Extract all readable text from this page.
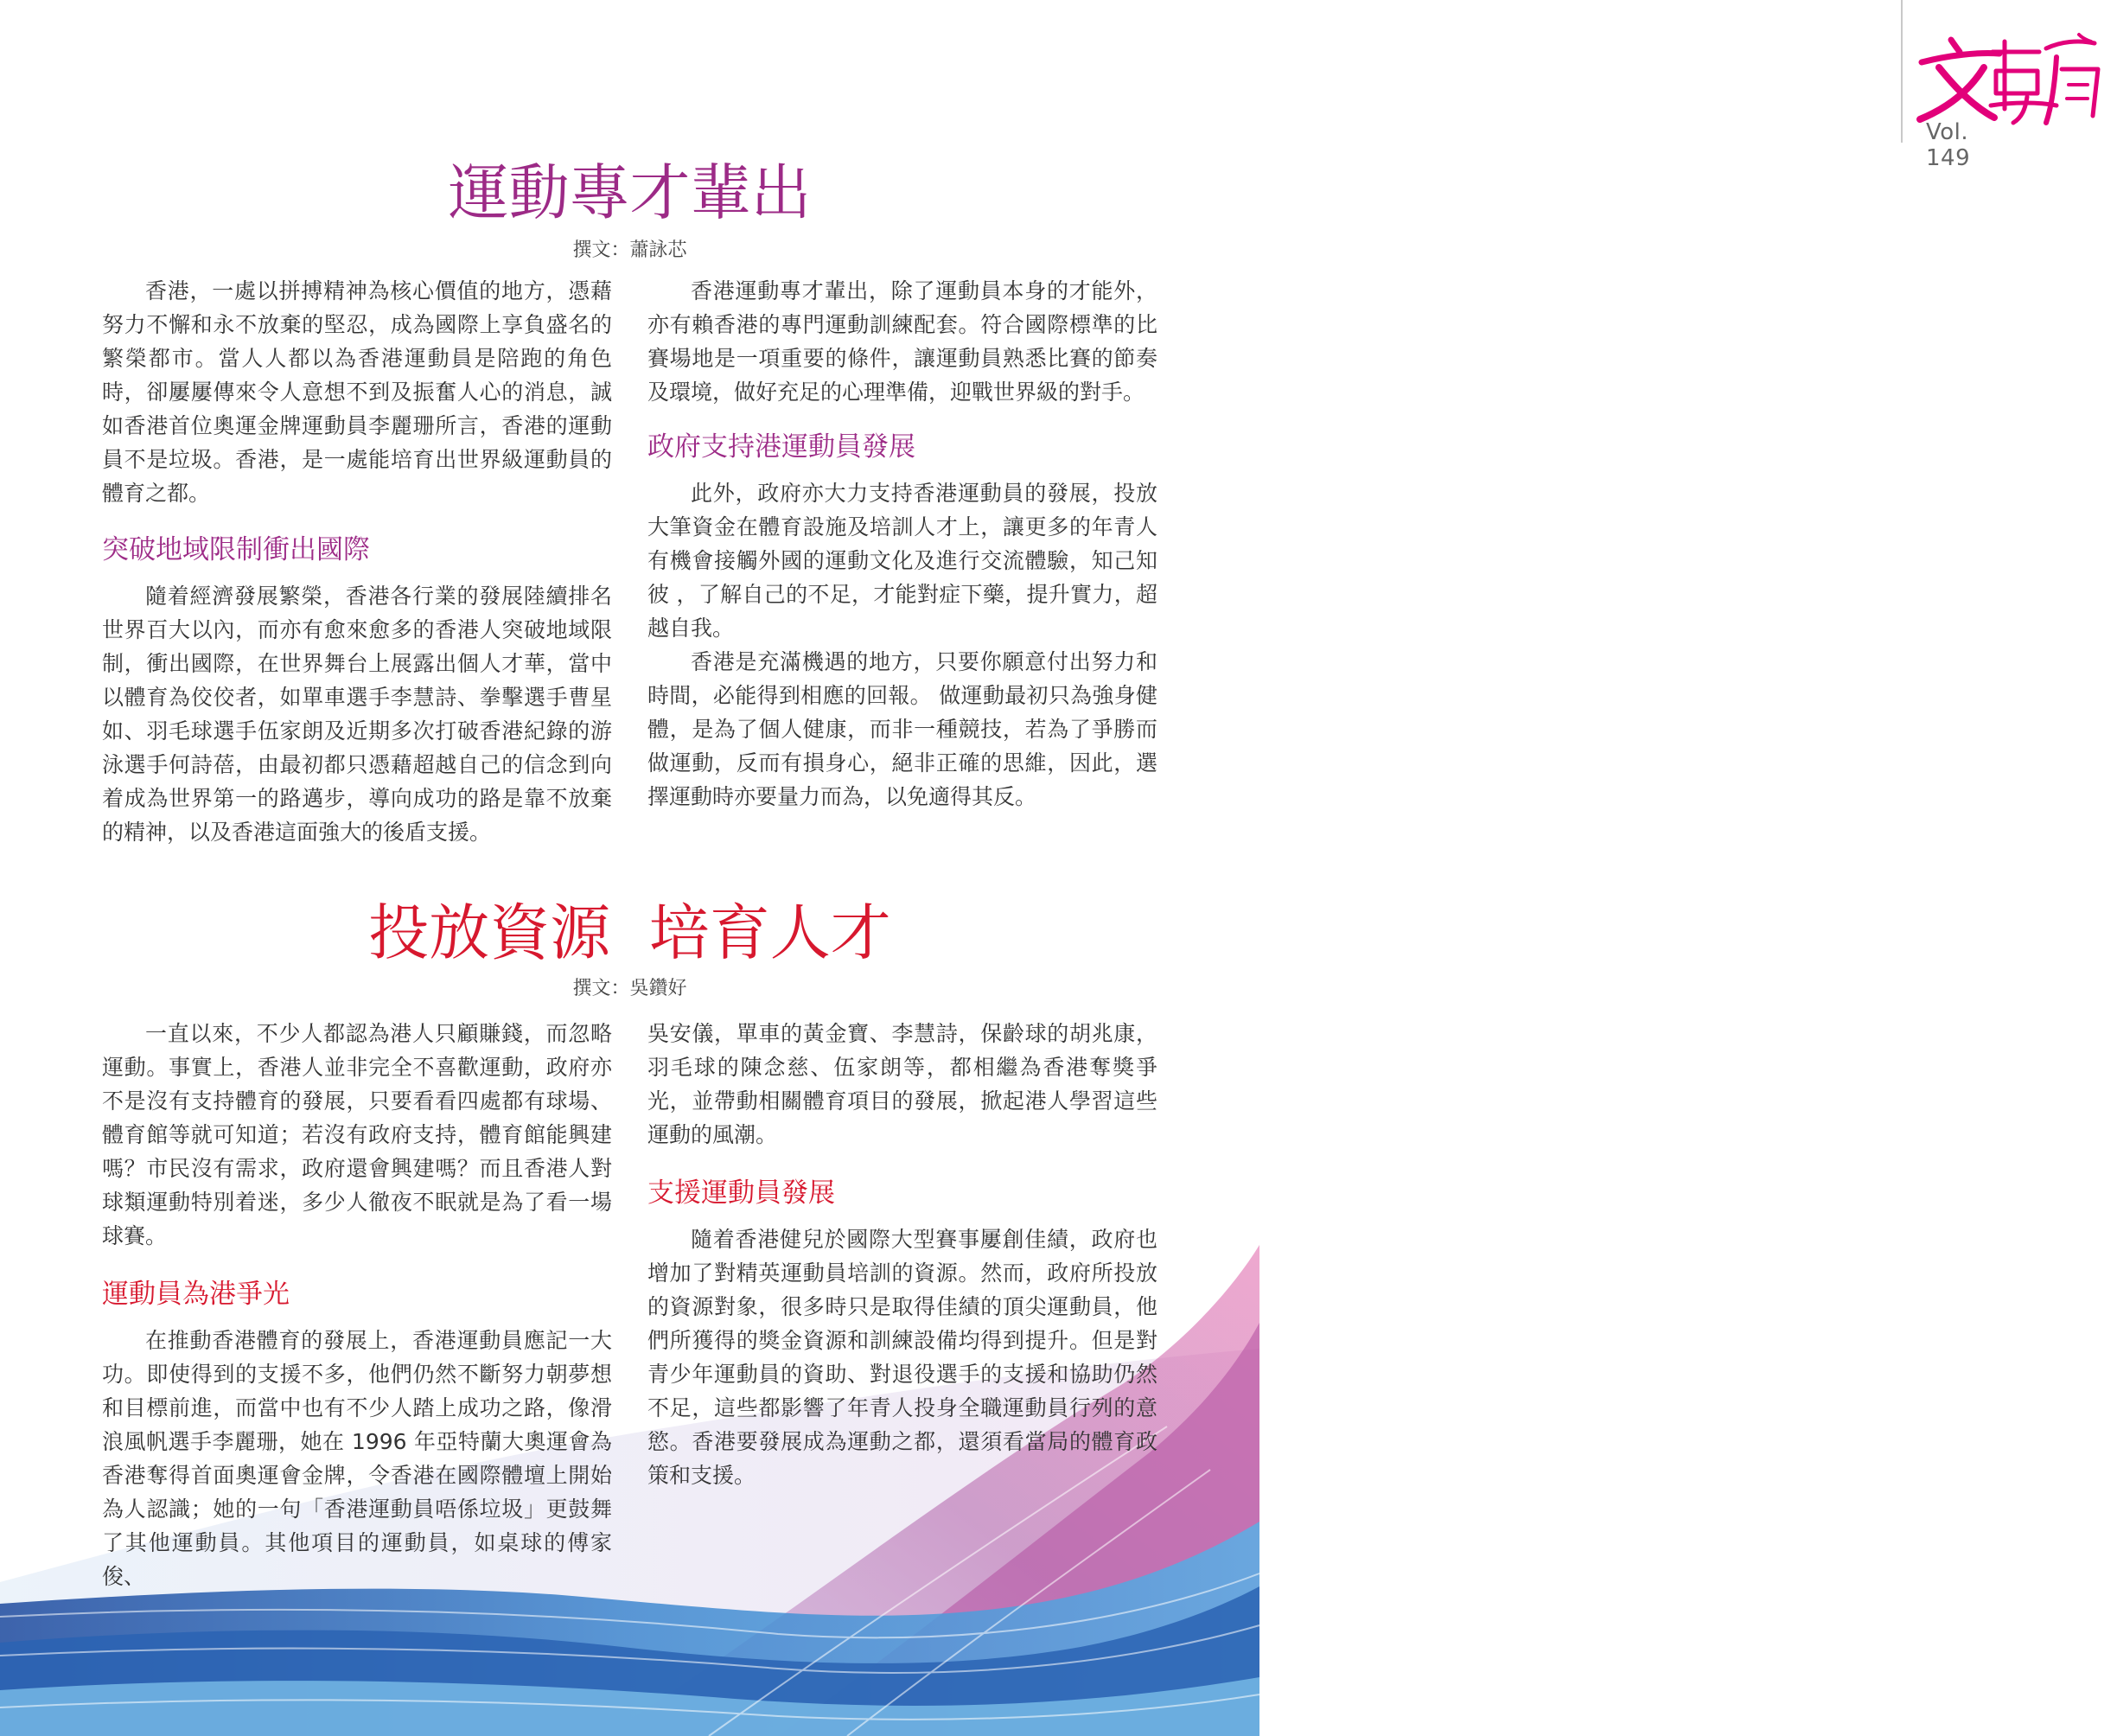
Vol. 149
運動專才輩出
撰文：蕭詠芯

香港，一處以拼搏精神為核心價值的地方，憑藉努力不懈和永不放棄的堅忍，成為國際上享負盛名的繁榮都市。當人人都以為香港運動員是陪跑的角色時，卻屢屢傳來令人意想不到及振奮人心的消息，誠如香港首位奧運金牌運動員李麗珊所言，香港的運動員不是垃圾。香港，是一處能培育出世界級運動員的體育之都。

突破地域限制衝出國際

隨着經濟發展繁榮，香港各行業的發展陸續排名世界百大以內，而亦有愈來愈多的香港人突破地域限制，衝出國際，在世界舞台上展露出個人才華，當中以體育為佼佼者，如單車選手李慧詩、拳擊選手曹星如、羽毛球選手伍家朗及近期多次打破香港紀錄的游泳選手何詩蓓，由最初都只憑藉超越自己的信念到向着成為世界第一的路邁步，導向成功的路是靠不放棄的精神，以及香港這面強大的後盾支援。

香港運動專才輩出，除了運動員本身的才能外，亦有賴香港的專門運動訓練配套。符合國際標準的比賽場地是一項重要的條件，讓運動員熟悉比賽的節奏及環境，做好充足的心理準備，迎戰世界級的對手。

政府支持港運動員發展

此外，政府亦大力支持香港運動員的發展，投放大筆資金在體育設施及培訓人才上，讓更多的年青人有機會接觸外國的運動文化及進行交流體驗，知己知彼 ，了解自己的不足，才能對症下藥，提升實力，超越自我。

香港是充滿機遇的地方，只要你願意付出努力和時間，必能得到相應的回報。 做運動最初只為強身健體，是為了個人健康，而非一種競技，若為了爭勝而做運動，反而有損身心，絕非正確的思維，因此，選擇運動時亦要量力而為，以免適得其反。

投放資源  培育人才
撰文：吳鑽好

一直以來，不少人都認為港人只顧賺錢，而忽略運動。事實上，香港人並非完全不喜歡運動，政府亦不是沒有支持體育的發展，只要看看四處都有球場、體育館等就可知道；若沒有政府支持，體育館能興建嗎？市民沒有需求，政府還會興建嗎？而且香港人對球類運動特別着迷，多少人徹夜不眠就是為了看一場球賽。

運動員為港爭光

在推動香港體育的發展上，香港運動員應記一大功。即使得到的支援不多，他們仍然不斷努力朝夢想和目標前進，而當中也有不少人踏上成功之路，像滑浪風帆選手李麗珊，她在 1996 年亞特蘭大奧運會為香港奪得首面奧運會金牌，令香港在國際體壇上開始為人認識；她的一句「香港運動員唔係垃圾」更鼓舞了其他運動員。其他項目的運動員，如桌球的傅家俊、

吳安儀，單車的黃金寶、李慧詩，保齡球的胡兆康，羽毛球的陳念慈、伍家朗等，都相繼為香港奪獎爭光，並帶動相關體育項目的發展，掀起港人學習這些運動的風潮。

支援運動員發展

隨着香港健兒於國際大型賽事屢創佳績，政府也增加了對精英運動員培訓的資源。然而，政府所投放的資源對象，很多時只是取得佳績的頂尖運動員，他們所獲得的獎金資源和訓練設備均得到提升。但是對青少年運動員的資助、對退役選手的支援和協助仍然不足，這些都影響了年青人投身全職運動員行列的意慾。香港要發展成為運動之都，還須看當局的體育政策和支援。
